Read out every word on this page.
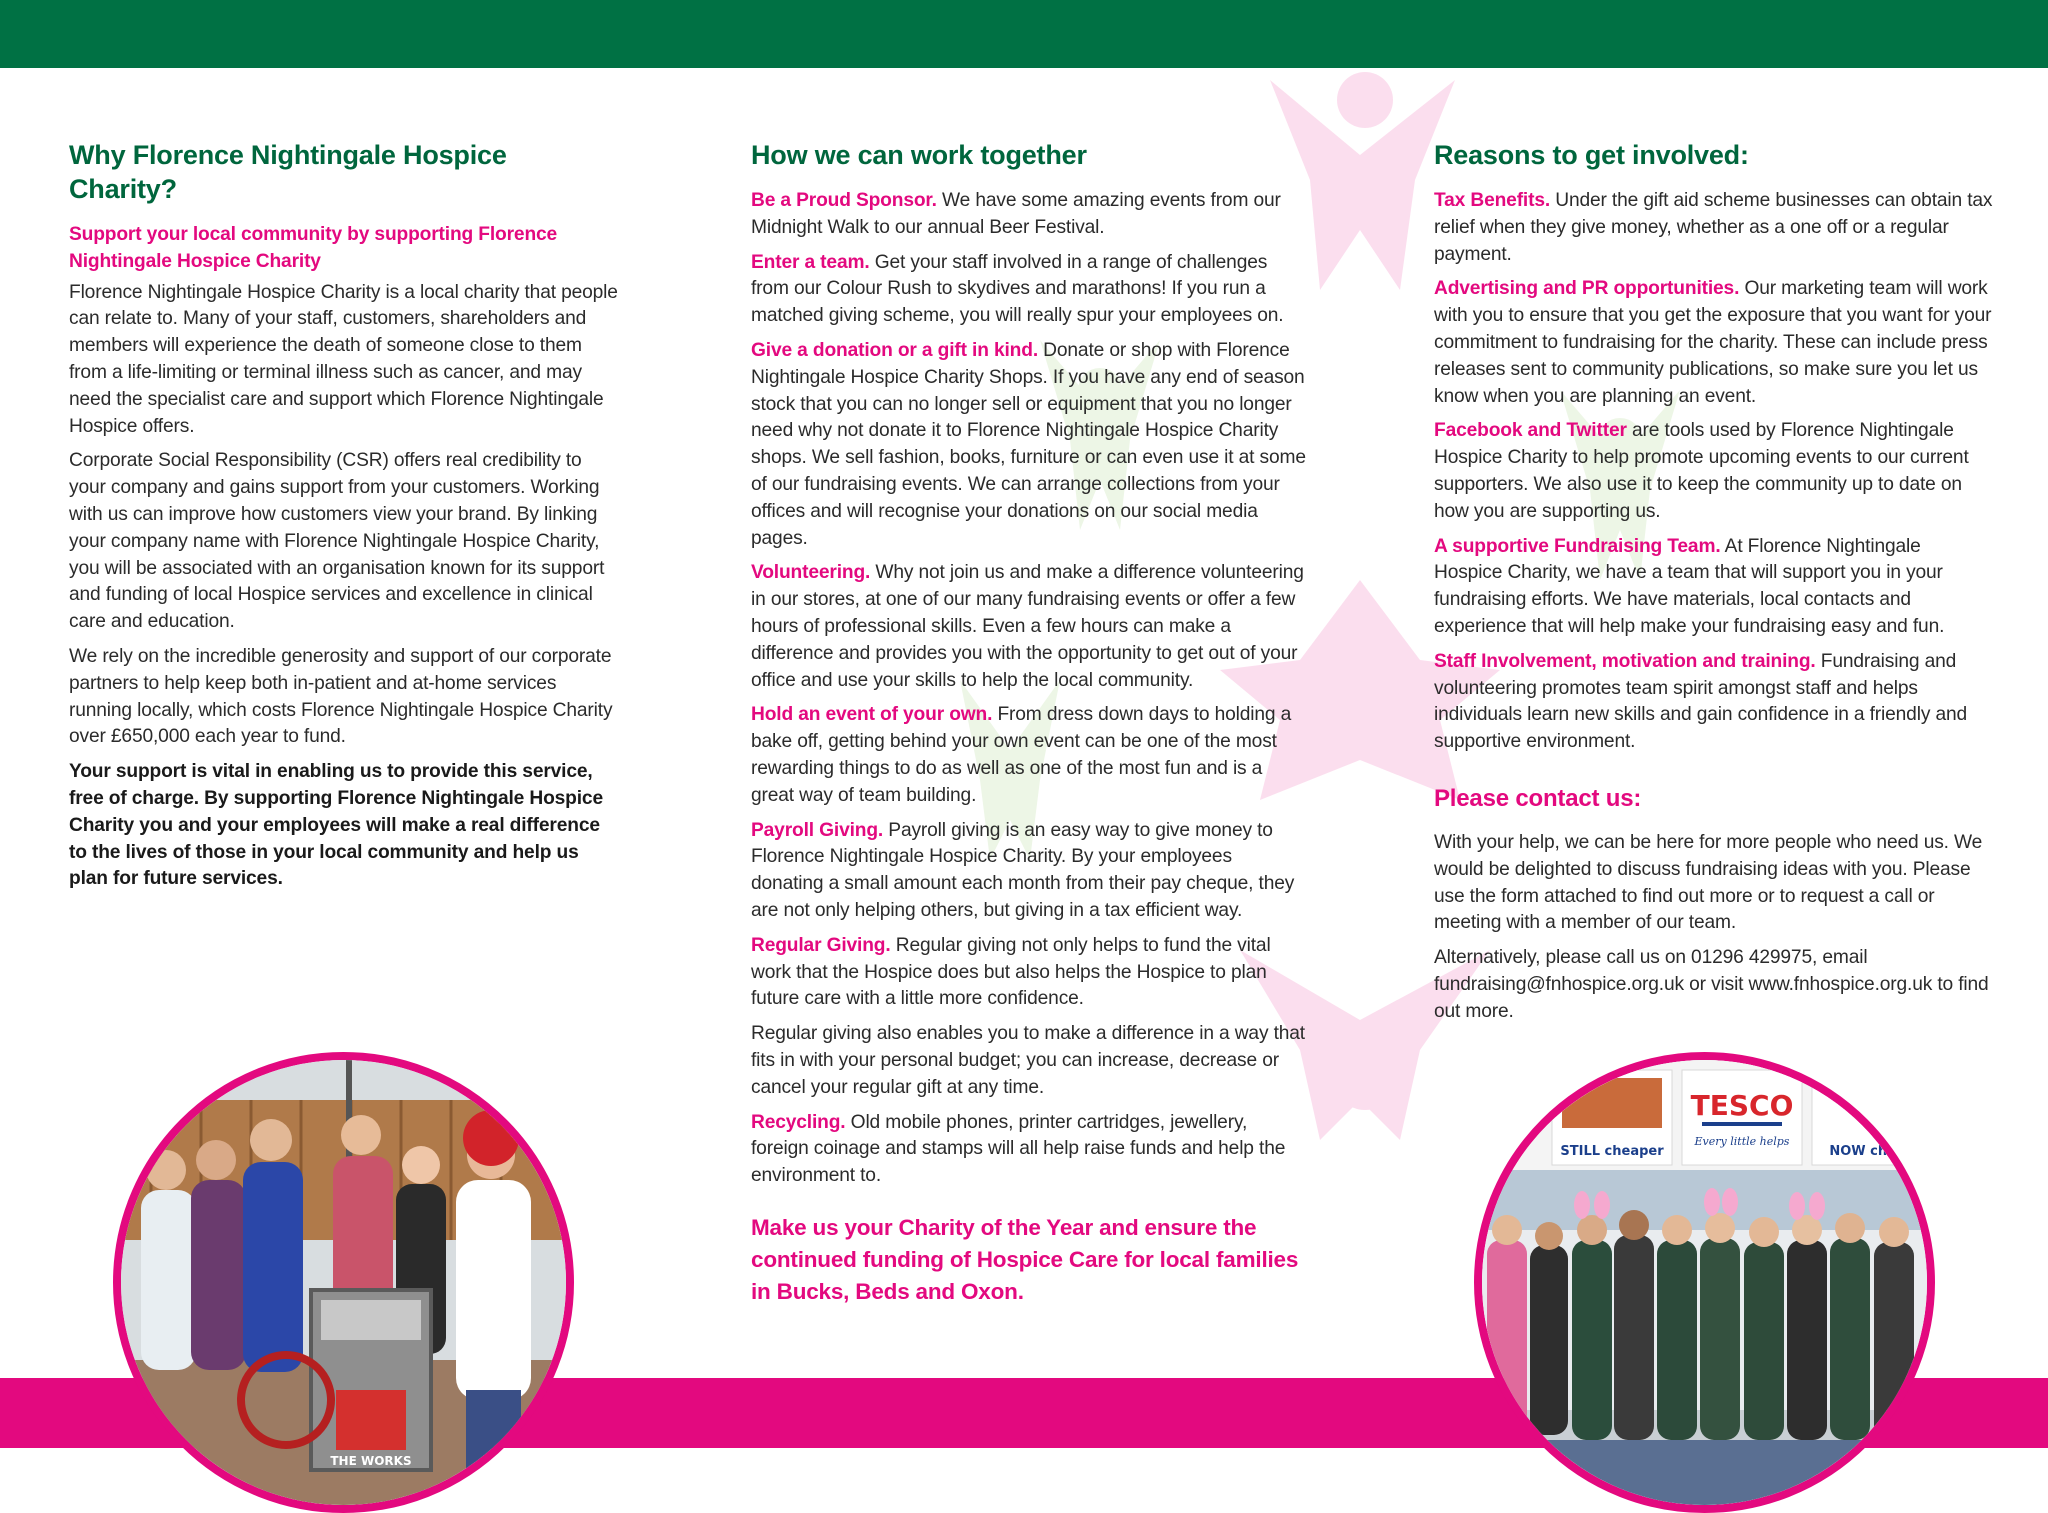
Why Florence Nightingale Hospice Charity?

Support your local community by supporting Florence Nightingale Hospice Charity

Florence Nightingale Hospice Charity is a local charity that people can relate to. Many of your staff, customers, shareholders and members will experience the death of someone close to them from a life-limiting or terminal illness such as cancer, and may need the specialist care and support which Florence Nightingale Hospice offers.

Corporate Social Responsibility (CSR) offers real credibility to your company and gains support from your customers. Working with us can improve how customers view your brand. By linking your company name with Florence Nightingale Hospice Charity, you will be associated with an organisation known for its support and funding of local Hospice services and excellence in clinical care and education.

We rely on the incredible generosity and support of our corporate partners to help keep both in-patient and at-home services running locally, which costs Florence Nightingale Hospice Charity over £650,000 each year to fund.

Your support is vital in enabling us to provide this service, free of charge. By supporting Florence Nightingale Hospice Charity you and your employees will make a real difference to the lives of those in your local community and help us plan for future services.

How we can work together

Be a Proud Sponsor. We have some amazing events from our Midnight Walk to our annual Beer Festival.

Enter a team. Get your staff involved in a range of challenges from our Colour Rush to skydives and marathons! If you run a matched giving scheme, you will really spur your employees on.

Give a donation or a gift in kind. Donate or shop with Florence Nightingale Hospice Charity Shops. If you have any end of season stock that you can no longer sell or equipment that you no longer need why not donate it to Florence Nightingale Hospice Charity shops. We sell fashion, books, furniture or can even use it at some of our fundraising events. We can arrange collections from your offices and will recognise your donations on our social media pages.

Volunteering. Why not join us and make a difference volunteering in our stores, at one of our many fundraising events or offer a few hours of professional skills. Even a few hours can make a difference and provides you with the opportunity to get out of your office and use your skills to help the local community.

Hold an event of your own. From dress down days to holding a bake off, getting behind your own event can be one of the most rewarding things to do as well as one of the most fun and is a great way of team building.

Payroll Giving. Payroll giving is an easy way to give money to Florence Nightingale Hospice Charity. By your employees donating a small amount each month from their pay cheque, they are not only helping others, but giving in a tax efficient way.

Regular Giving. Regular giving not only helps to fund the vital work that the Hospice does but also helps the Hospice to plan future care with a little more confidence.

Regular giving also enables you to make a difference in a way that fits in with your personal budget; you can increase, decrease or cancel your regular gift at any time.

Recycling. Old mobile phones, printer cartridges, jewellery, foreign coinage and stamps will all help raise funds and help the environment to.

Make us your Charity of the Year and ensure the continued funding of Hospice Care for local families in Bucks, Beds and Oxon.

Reasons to get involved:

Tax Benefits. Under the gift aid scheme businesses can obtain tax relief when they give money, whether as a one off or a regular payment.

Advertising and PR opportunities. Our marketing team will work with you to ensure that you get the exposure that you want for your commitment to fundraising for the charity. These can include press releases sent to community publications, so make sure you let us know when you are planning an event.

Facebook and Twitter are tools used by Florence Nightingale Hospice Charity to help promote upcoming events to our current supporters. We also use it to keep the community up to date on how you are supporting us.

A supportive Fundraising Team. At Florence Nightingale Hospice Charity, we have a team that will support you in your fundraising efforts. We have materials, local contacts and experience that will help make your fundraising easy and fun.

Staff Involvement, motivation and training. Fundraising and volunteering promotes team spirit amongst staff and helps individuals learn new skills and gain confidence in a friendly and supportive environment.

Please contact us:

With your help, we can be here for more people who need us. We would be delighted to discuss fundraising ideas with you. Please use the form attached to find out more or to request a call or meeting with a member of our team.

Alternatively, please call us on 01296 429975, email fundraising@fnhospice.org.uk or visit www.fnhospice.org.uk to find out more.

THE WORKS
STILL cheaper
TESCO
Every little helps
NOW chea
